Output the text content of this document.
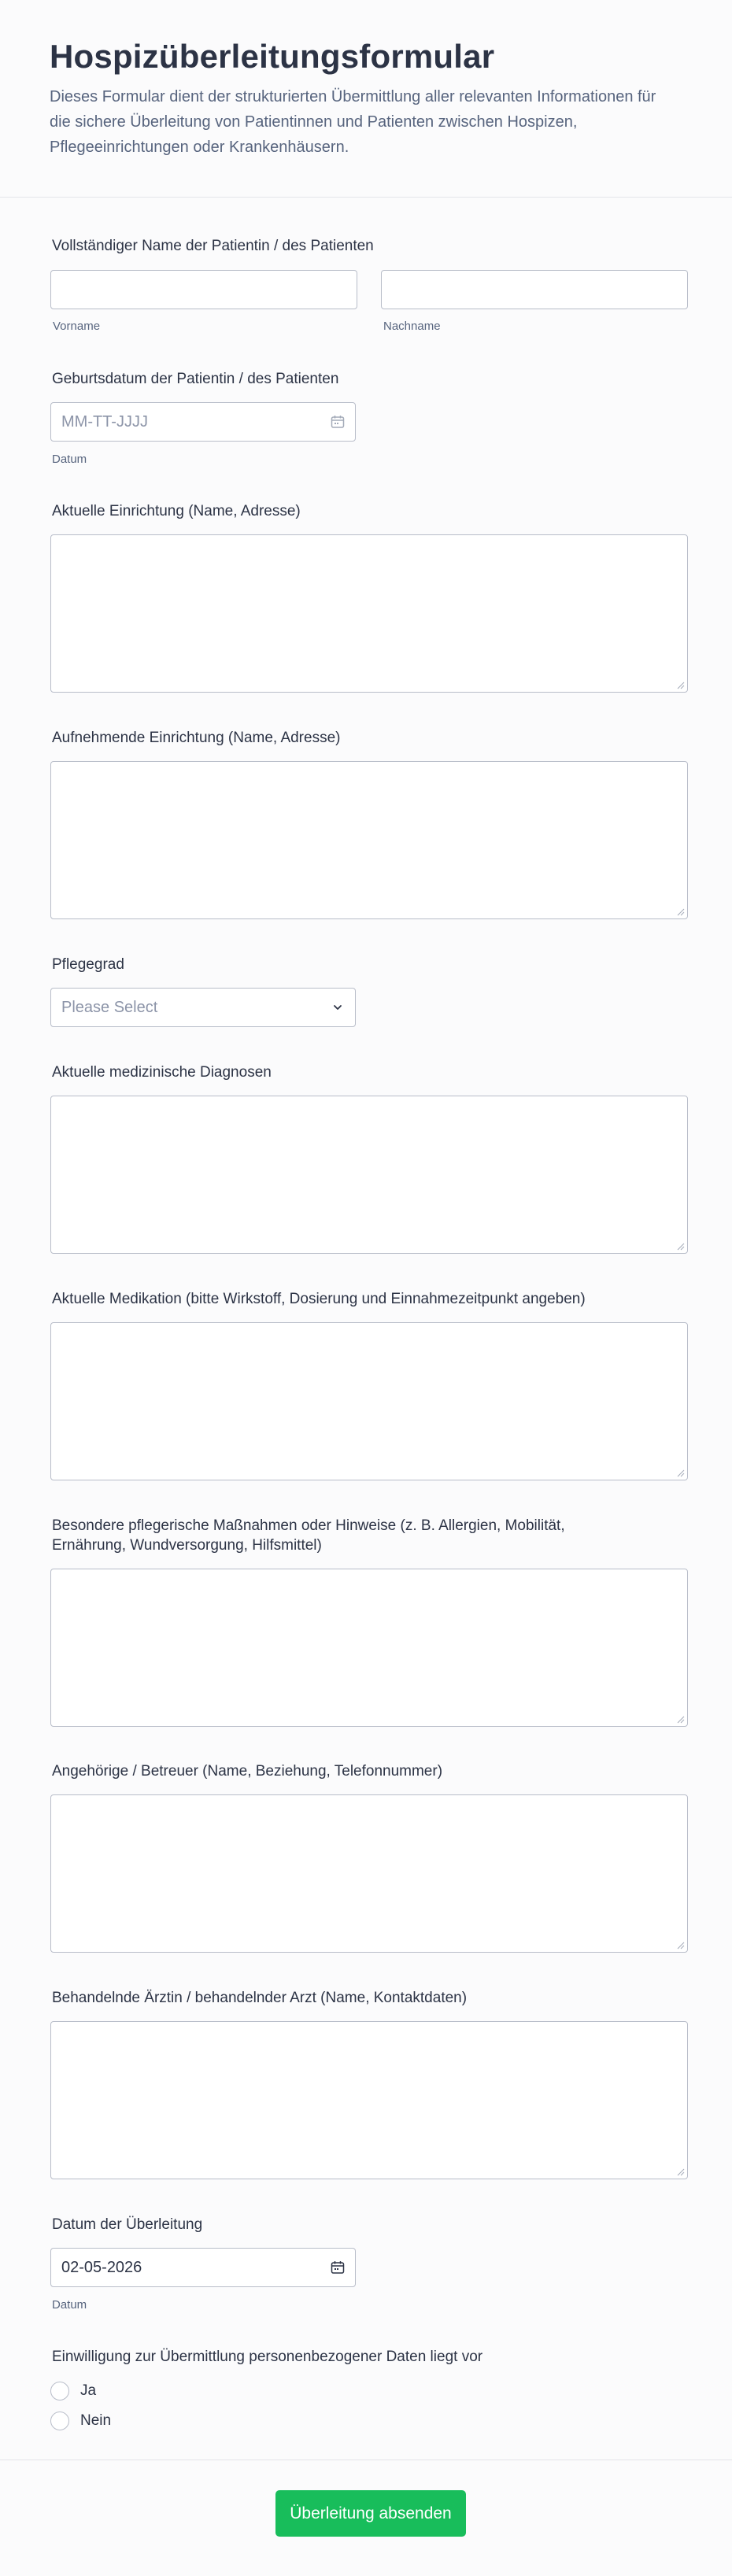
Hospizüberleitungsformular
Dieses Formular dient der strukturierten Übermittlung aller relevanten Informationen für die sichere Überleitung von Patientinnen und Patienten zwischen Hospizen, Pflegeeinrichtungen oder Krankenhäusern.
Vollständiger Name der Patientin / des Patienten
Vorname	Nachname
Geburtsdatum der Patientin / des Patienten
MM-TT-JJJJ
Datum
Aktuelle Einrichtung (Name, Adresse)
Aufnehmende Einrichtung (Name, Adresse)
Pflegegrad
Please Select
Aktuelle medizinische Diagnosen
Aktuelle Medikation (bitte Wirkstoff, Dosierung und Einnahmezeitpunkt angeben)
Besondere pflegerische Maßnahmen oder Hinweise (z. B. Allergien, Mobilität,
Ernährung, Wundversorgung, Hilfsmittel)
Angehörige / Betreuer (Name, Beziehung, Telefonnummer)
Behandelnde Ärztin / behandelnder Arzt (Name, Kontaktdaten)
Datum der Überleitung
02-05-2026
Datum
Einwilligung zur Übermittlung personenbezogener Daten liegt vor
Ja
Nein
Überleitung absenden
